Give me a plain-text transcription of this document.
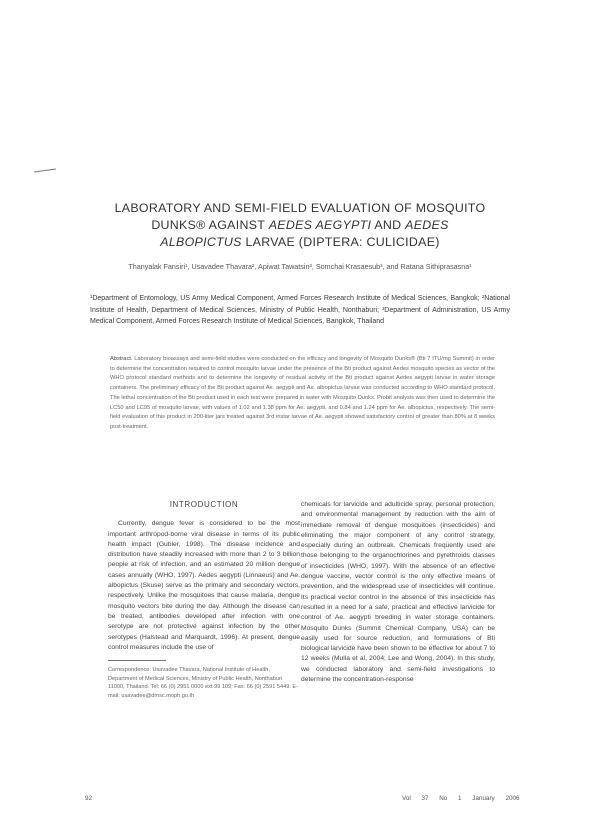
LABORATORY AND SEMI-FIELD EVALUATION OF MOSQUITO
DUNKS® AGAINST AEDES AEGYPTI AND AEDES
ALBOPICTUS LARVAE (DIPTERA: CULICIDAE)
Thanyalak Fansiri¹, Usavadee Thavara², Apiwat Tawatsin², Somchai Krasaesub³, and Ratana Sithiprasasna¹
¹Department of Entomology, US Army Medical Component, Armed Forces Research Institute of Medical Sciences, Bangkok; ²National Institute of Health, Department of Medical Sciences, Ministry of Public Health, Nonthaburi; ³Department of Administration, US Army Medical Component, Armed Forces Research Institute of Medical Sciences, Bangkok, Thailand
Abstract. Laboratory bioassays and semi-field studies were conducted on the efficacy and longevity of Mosquito Dunks® (Bti 7 ITU/mg Summit) in order to determine the concentration required to control mosquito larvae under the presence of the Bti product against Aedes mosquito species as vector of the WHO protocol standard methods and to determine the longevity of residual activity of the Bti product against Aedes aegypti larvae in water storage containers. The preliminary efficacy of the Bti product against Ae. aegypti and Ae. albopictus larvae was conducted according to WHO standard protocol. The lethal concentration of the Bti product used in each test were prepared in water with Mosquito Dunks. Probit analysis was then used to determine the LC50 and LC95 of mosquito larvae, with values of 1.02 and 1.38 ppm for Ae. aegypti, and 0.84 and 1.24 ppm for Ae. albopictus, respectively. The semi-field evaluation of this product in 200-liter jars treated against 3rd instar larvae of Ae. aegypti showed satisfactory control of greater than 80% at 8 weeks post-treatment.
INTRODUCTION

Currently, dengue fever is considered to be the most important arthropod-borne viral disease in terms of its public health impact (Gubler, 1998). The disease incidence and distribution have steadily increased with more than 2 to 3 billion people at risk of infection, and an estimated 20 million dengue cases annually (WHO, 1997). Aedes aegypti (Linnaeus) and Ae. albopictus (Skuse) serve as the primary and secondary vectors, respectively. Unlike the mosquitoes that cause malaria, dengue mosquito vectors bite during the day. Although the disease can be treated, antibodies developed after infection with one serotype are not protective against infection by the other serotypes (Halstead and Marquardt, 1996). At present, dengue control measures include the use of

Correspondence: Usavadee Thavara, National Institute of Health, Department of Medical Sciences, Ministry of Public Health, Nonthaburi 11000, Thailand. Tel: 66 (0) 2951 0000 ext 99 109; Fax: 66 (0) 2591 5449. E-mail: usavadee@dmsc.moph.go.th

chemicals for larvicide and adulticide spray, personal protection, and environmental management by reduction with the aim of immediate removal of dengue mosquitoes (insecticides) and eliminating the major component of any control strategy, especially during an outbreak. Chemicals frequently used are those belonging to the organochlorines and pyrethroids classes of insecticides (WHO, 1997). With the absence of an effective dengue vaccine, vector control is the only effective means of prevention, and the widespread use of insecticides will continue. Its practical vector control in the absence of this insecticide has resulted in a need for a safe, practical and effective larvicide for control of Ae. aegypti breeding in water storage containers. Mosquito Dunks (Summit Chemical Company, USA) can be easily used for source reduction, and formulations of Bti biological larvicide have been shown to be effective for about 7 to 12 weeks (Mulla et al, 2004; Lee and Wong, 2004). In this study, we conducted laboratory and semi-field investigations to determine the concentration-response

92	Vol 37 No 1 January 2006
